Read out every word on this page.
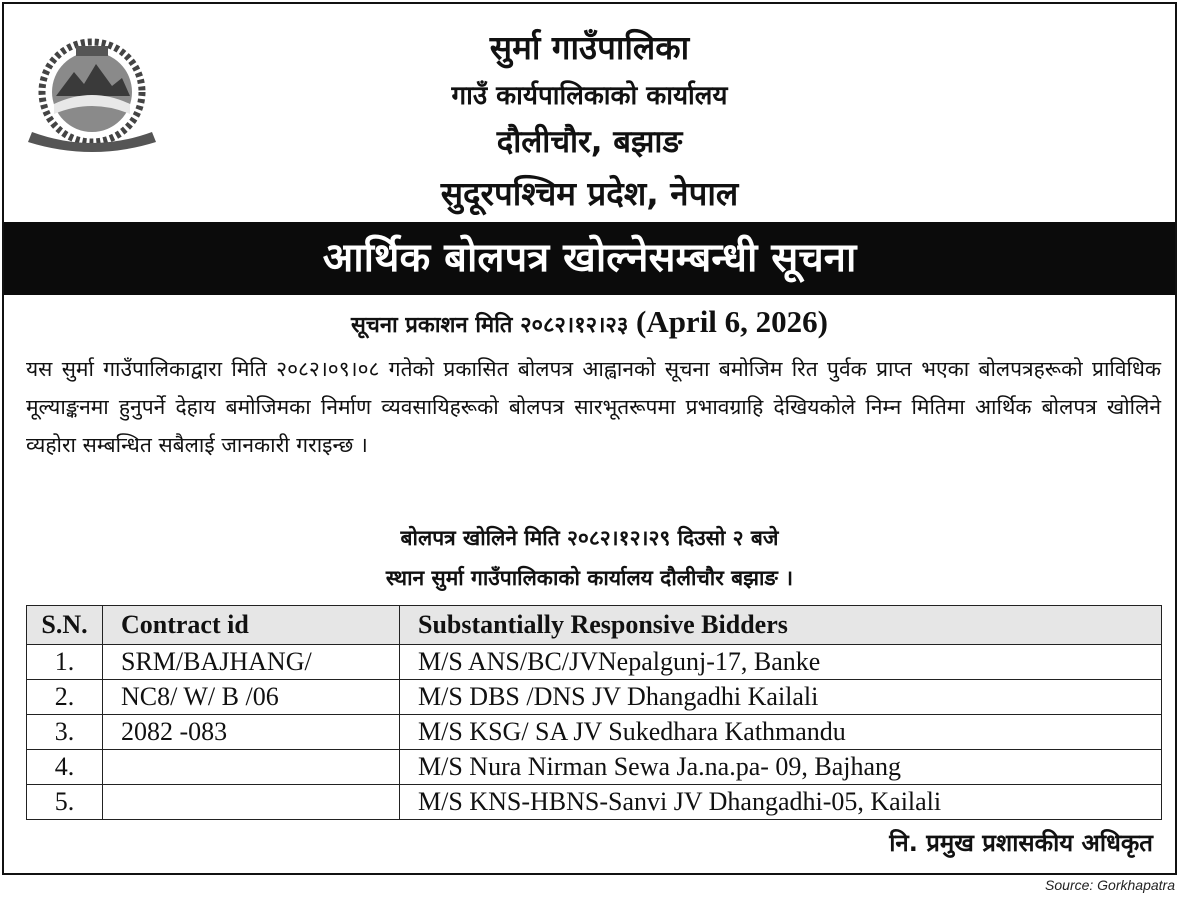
सुर्मा गाउँपालिका
गाउँ कार्यपालिकाको कार्यालय
दौलीचौर, बझाङ
सुदूरपश्चिम प्रदेश, नेपाल
आर्थिक बोलपत्र खोल्नेसम्बन्धी सूचना
सूचना प्रकाशन मिति २०८२।१२।२३ (April 6, 2026)
यस सुर्मा गाउँपालिकाद्वारा मिति २०८२।०९।०८ गतेको प्रकासित बोलपत्र आह्वानको सूचना बमोजिम रित पुर्वक प्राप्त भएका बोलपत्रहरूको प्राविधिक मूल्याङ्कनमा हुनुपर्ने देहाय बमोजिमका निर्माण व्यवसायिहरूको बोलपत्र सारभूतरूपमा प्रभावग्राहि देखियकोले निम्न मितिमा आर्थिक बोलपत्र खोलिने व्यहोरा सम्बन्धित सबैलाई जानकारी गराइन्छ ।
बोलपत्र खोलिने मिति २०८२।१२।२९ दिउसो २ बजे
स्थान सुर्मा गाउँपालिकाको कार्यालय दौलीचौर बझाङ ।
S.N.	Contract id	Substantially Responsive Bidders
1.	SRM/BAJHANG/	M/S ANS/BC/JVNepalgunj-17, Banke
2.	NC8/ W/ B /06	M/S DBS /DNS JV Dhangadhi Kailali
3.	2082 -083	M/S KSG/ SA JV Sukedhara Kathmandu
4.		M/S Nura Nirman Sewa Ja.na.pa- 09, Bajhang
5.		M/S KNS-HBNS-Sanvi JV Dhangadhi-05, Kailali
नि. प्रमुख प्रशासकीय अधिकृत
Source: Gorkhapatra
